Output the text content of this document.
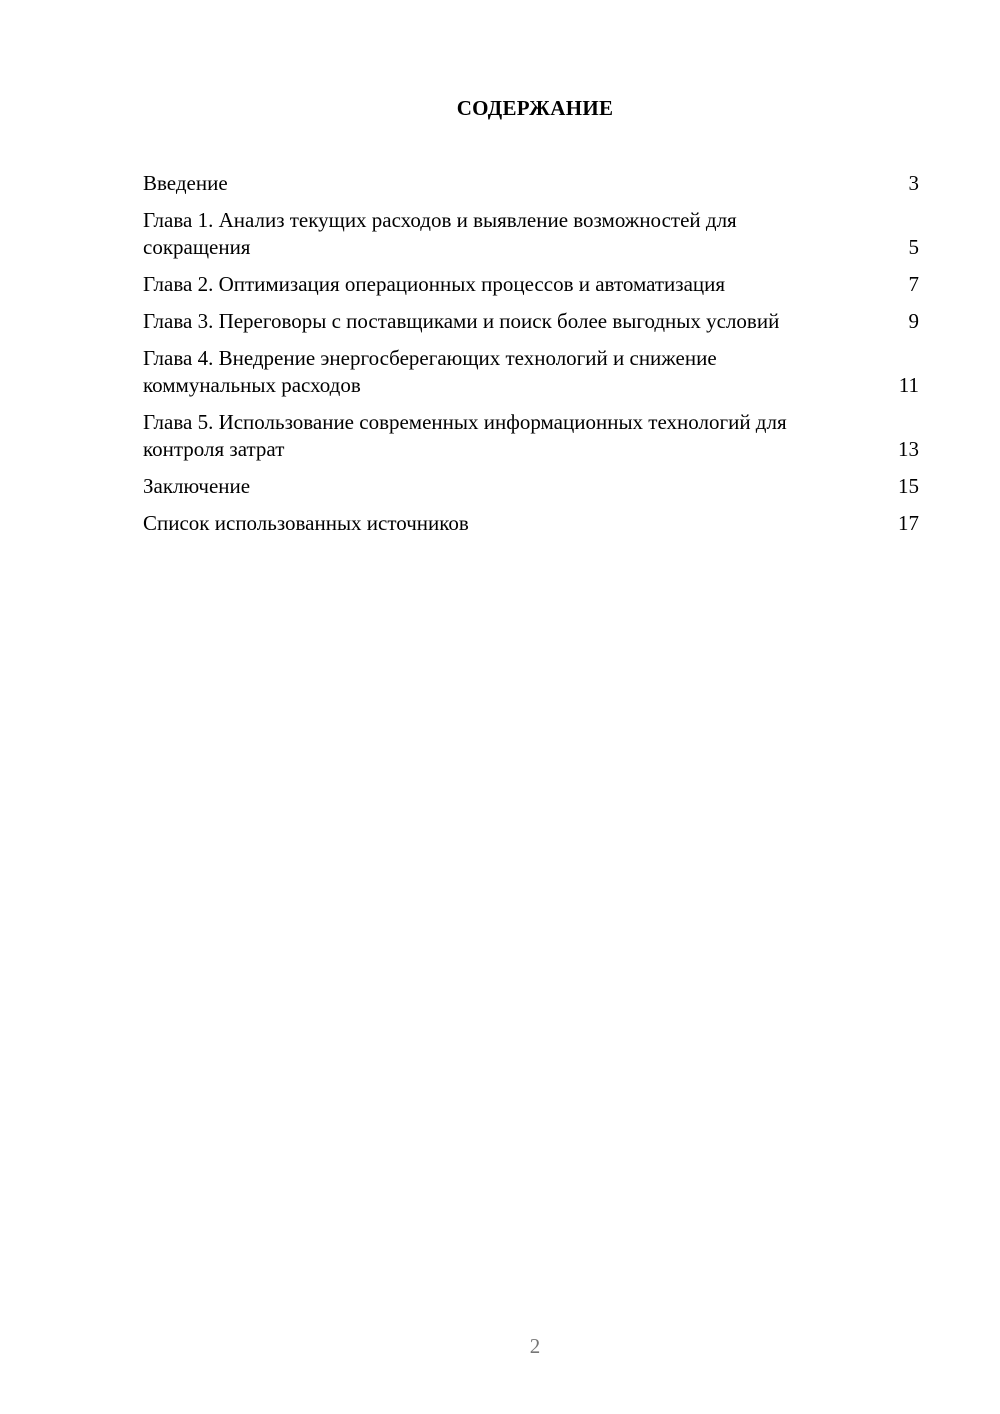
СОДЕРЖАНИЕ
Введение	3
Глава 1. Анализ текущих расходов и выявление возможностей для сокращения	5
Глава 2. Оптимизация операционных процессов и автоматизация	7
Глава 3. Переговоры с поставщиками и поиск более выгодных условий	9
Глава 4. Внедрение энергосберегающих технологий и снижение коммунальных расходов	11
Глава 5. Использование современных информационных технологий для контроля затрат	13
Заключение	15
Список использованных источников	17
2
